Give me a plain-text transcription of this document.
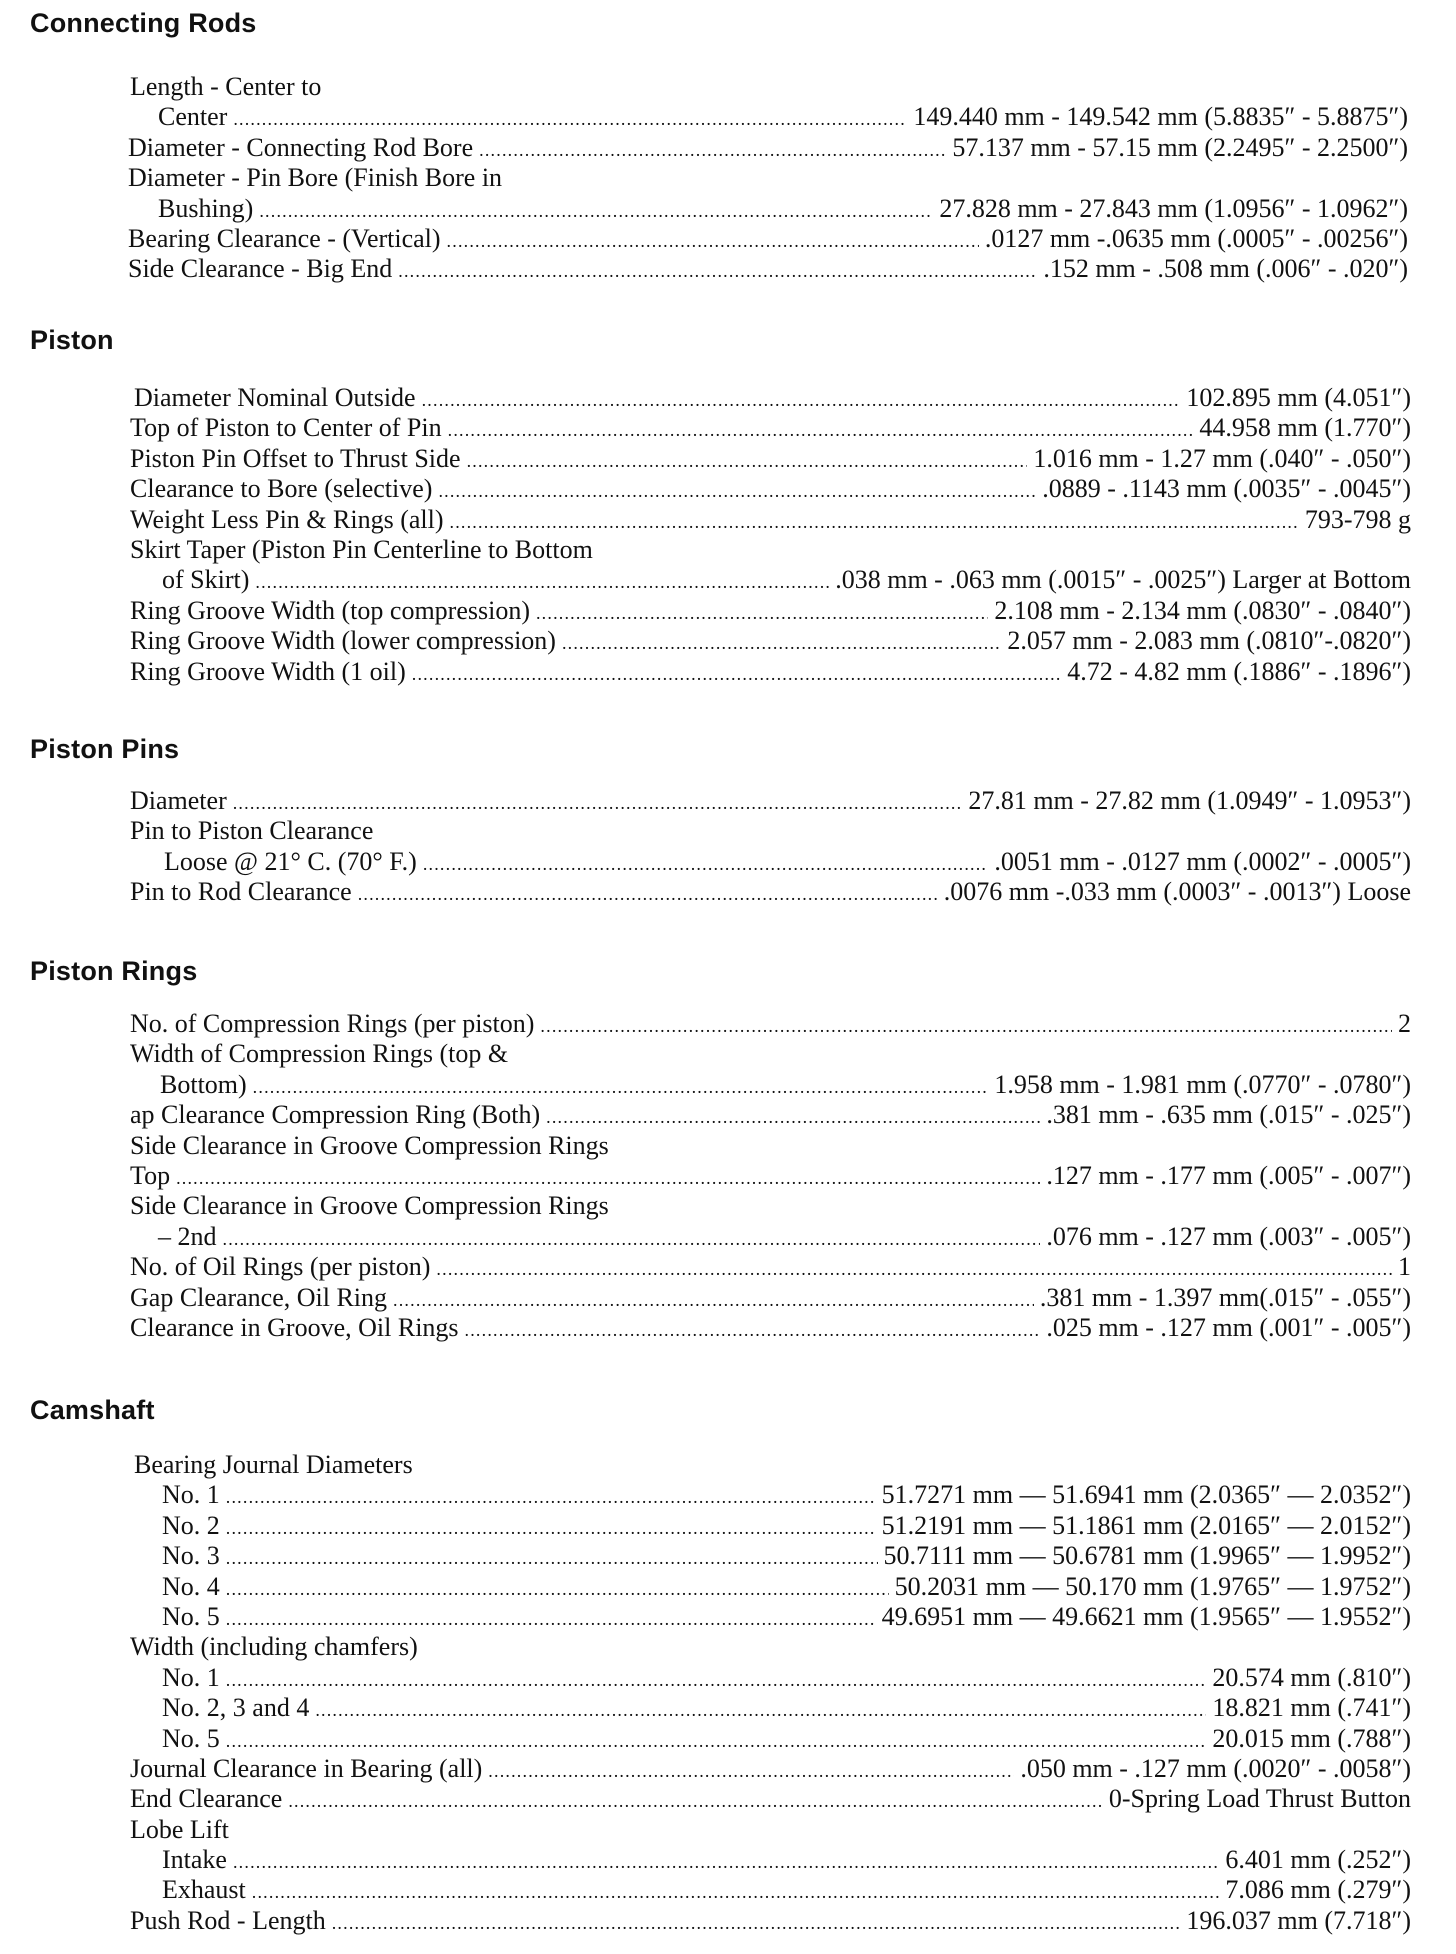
Connecting Rods
Length - Center to
Center .....	149.440 mm - 149.542 mm (5.8835″ - 5.8875″)
Diameter - Connecting Rod Bore .....	57.137 mm - 57.15 mm (2.2495″ - 2.2500″)
Diameter - Pin Bore (Finish Bore in
Bushing) .....	27.828 mm - 27.843 mm (1.0956″ - 1.0962″)
Bearing Clearance - (Vertical) .....	.0127 mm -.0635 mm (.0005″ - .00256″)
Side Clearance - Big End .....	.152 mm - .508 mm (.006″ - .020″)
Piston
Diameter Nominal Outside .....	102.895 mm (4.051″)
Top of Piston to Center of Pin .....	44.958 mm (1.770″)
Piston Pin Offset to Thrust Side .....	1.016 mm - 1.27 mm (.040″ - .050″)
Clearance to Bore (selective) .....	.0889 - .1143 mm (.0035″ - .0045″)
Weight Less Pin & Rings (all) .....	793-798 g
Skirt Taper (Piston Pin Centerline to Bottom
of Skirt) .....	.038 mm - .063 mm (.0015″ - .0025″) Larger at Bottom
Ring Groove Width (top compression) .....	2.108 mm - 2.134 mm (.0830″ - .0840″)
Ring Groove Width (lower compression) .....	2.057 mm - 2.083 mm (.0810″-.0820″)
Ring Groove Width (1 oil) .....	4.72 - 4.82 mm (.1886″ - .1896″)
Piston Pins
Diameter .....	27.81 mm - 27.82 mm (1.0949″ - 1.0953″)
Pin to Piston Clearance
Loose @ 21° C. (70° F.) .....	.0051 mm - .0127 mm (.0002″ - .0005″)
Pin to Rod Clearance .....	.0076 mm -.033 mm (.0003″ - .0013″) Loose
Piston Rings
No. of Compression Rings (per piston) .....	2
Width of Compression Rings (top &
Bottom) .....	1.958 mm - 1.981 mm (.0770″ - .0780″)
ap Clearance Compression Ring (Both) .....	.381 mm - .635 mm (.015″ - .025″)
Side Clearance in Groove Compression Rings
Top .....	.127 mm - .177 mm (.005″ - .007″)
Side Clearance in Groove Compression Rings
– 2nd .....	.076 mm - .127 mm (.003″ - .005″)
No. of Oil Rings (per piston) .....	1
Gap Clearance, Oil Ring .....	.381 mm - 1.397 mm(.015″ - .055″)
Clearance in Groove, Oil Rings .....	.025 mm - .127 mm (.001″ - .005″)
Camshaft
Bearing Journal Diameters
No. 1 .....	51.7271 mm — 51.6941 mm (2.0365″ — 2.0352″)
No. 2 .....	51.2191 mm — 51.1861 mm (2.0165″ — 2.0152″)
No. 3 .....	50.7111 mm — 50.6781 mm (1.9965″ — 1.9952″)
No. 4 .....	50.2031 mm — 50.170 mm (1.9765″ — 1.9752″)
No. 5 .....	49.6951 mm — 49.6621 mm (1.9565″ — 1.9552″)
Width (including chamfers)
No. 1 .....	20.574 mm (.810″)
No. 2, 3 and 4 .....	18.821 mm (.741″)
No. 5 .....	20.015 mm (.788″)
Journal Clearance in Bearing (all) .....	.050 mm - .127 mm (.0020″ - .0058″)
End Clearance .....	0-Spring Load Thrust Button
Lobe Lift
Intake .....	6.401 mm (.252″)
Exhaust .....	7.086 mm (.279″)
Push Rod - Length .....	196.037 mm (7.718″)
